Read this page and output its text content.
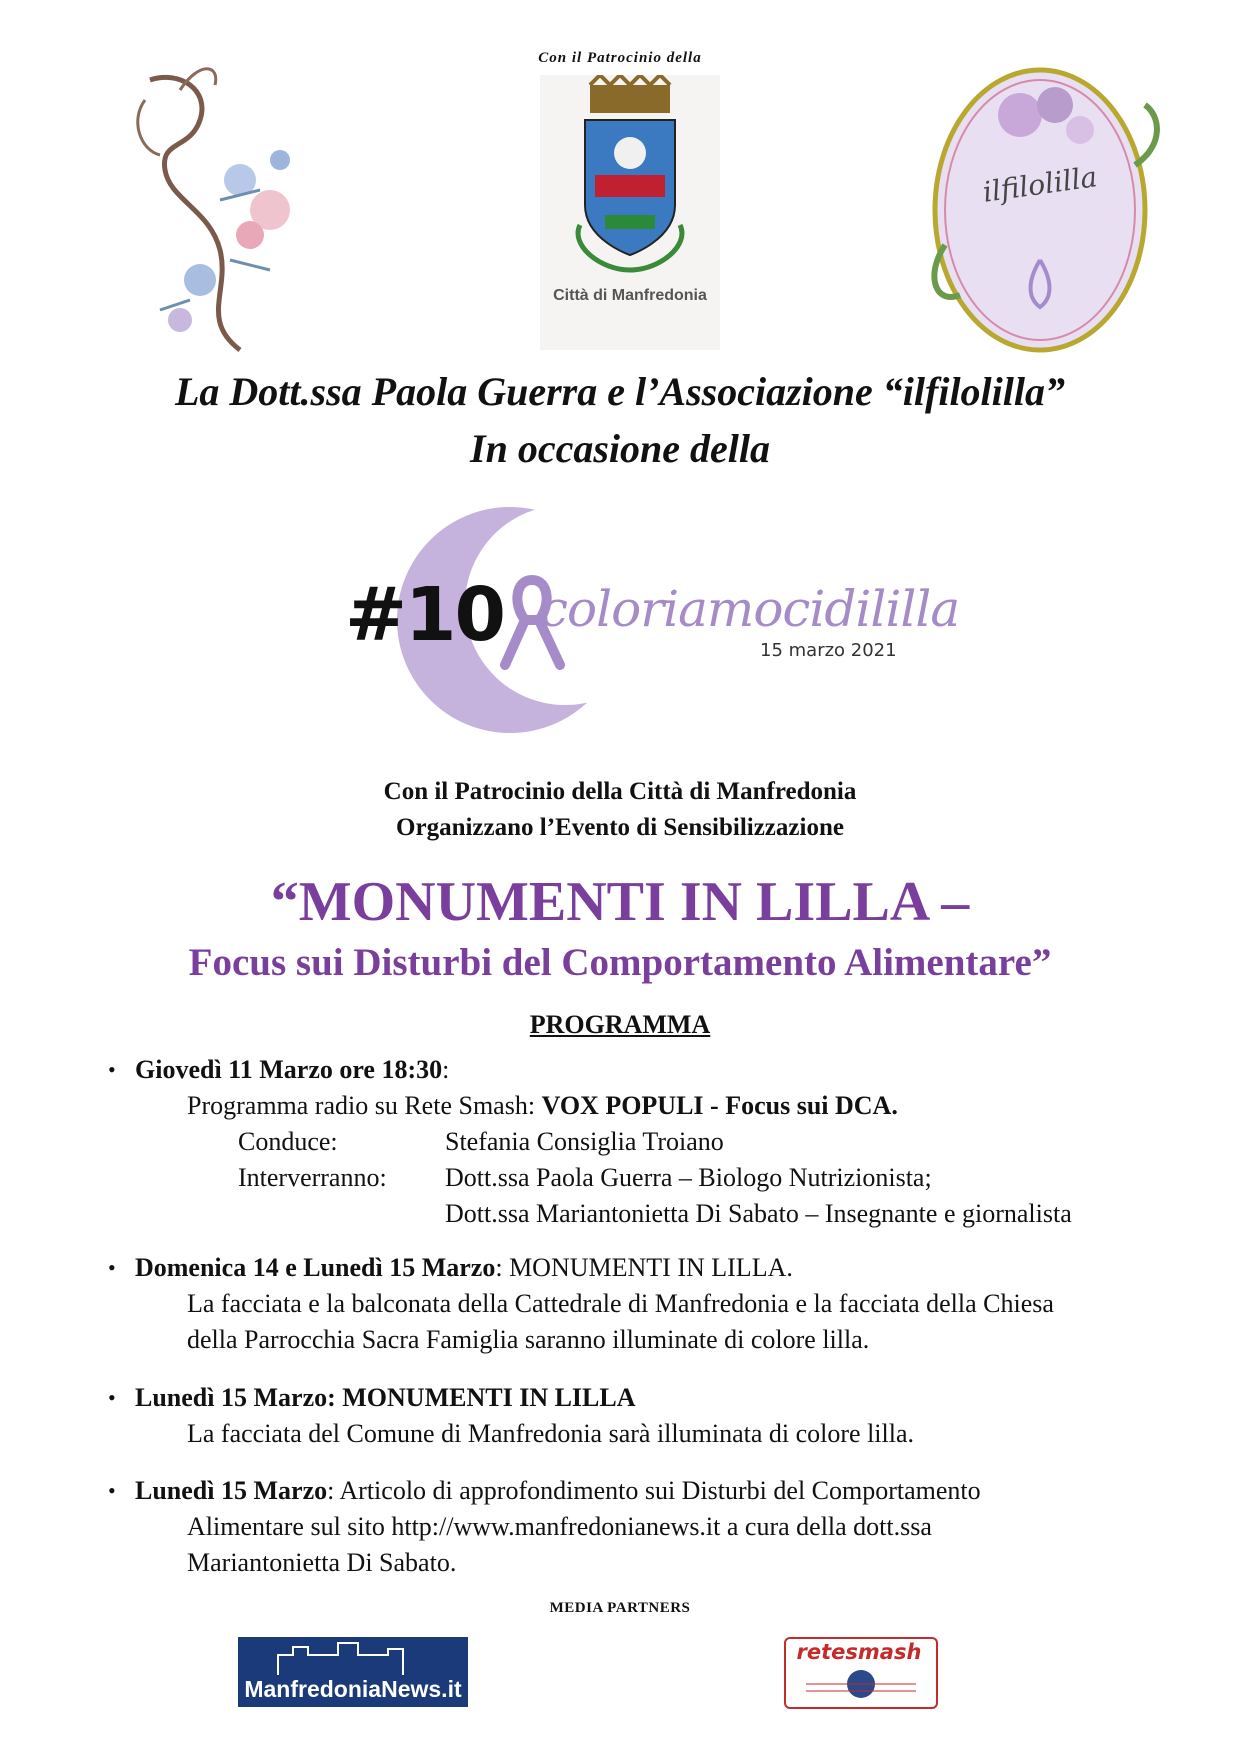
Con il Patrocinio della
Città di Manfredonia
ilfilolilla
La Dott.ssa Paola Guerra e l’Associazione “ilfilolilla”
In occasione della
#10 coloriamocidililla
15 marzo 2021
Con il Patrocinio della Città di Manfredonia
Organizzano l’Evento di Sensibilizzazione
“MONUMENTI IN LILLA –
Focus sui Disturbi del Comportamento Alimentare”
PROGRAMMA
• Giovedì 11 Marzo ore 18:30:
Programma radio su Rete Smash: VOX POPULI - Focus sui DCA.
Conduce:	Stefania Consiglia Troiano
Interverranno: Dott.ssa Paola Guerra – Biologo Nutrizionista;
Dott.ssa Mariantonietta Di Sabato – Insegnante e giornalista
• Domenica 14 e Lunedì 15 Marzo: MONUMENTI IN LILLA.
La facciata e la balconata della Cattedrale di Manfredonia e la facciata della Chiesa
della Parrocchia Sacra Famiglia saranno illuminate di colore lilla.
• Lunedì 15 Marzo: MONUMENTI IN LILLA
La facciata del Comune di Manfredonia sarà illuminata di colore lilla.
• Lunedì 15 Marzo: Articolo di approfondimento sui Disturbi del Comportamento
Alimentare sul sito http://www.manfredonianews.it a cura della dott.ssa
Mariantonietta Di Sabato.
MEDIA PARTNERS
ManfredoniaNews.it
retesmash
